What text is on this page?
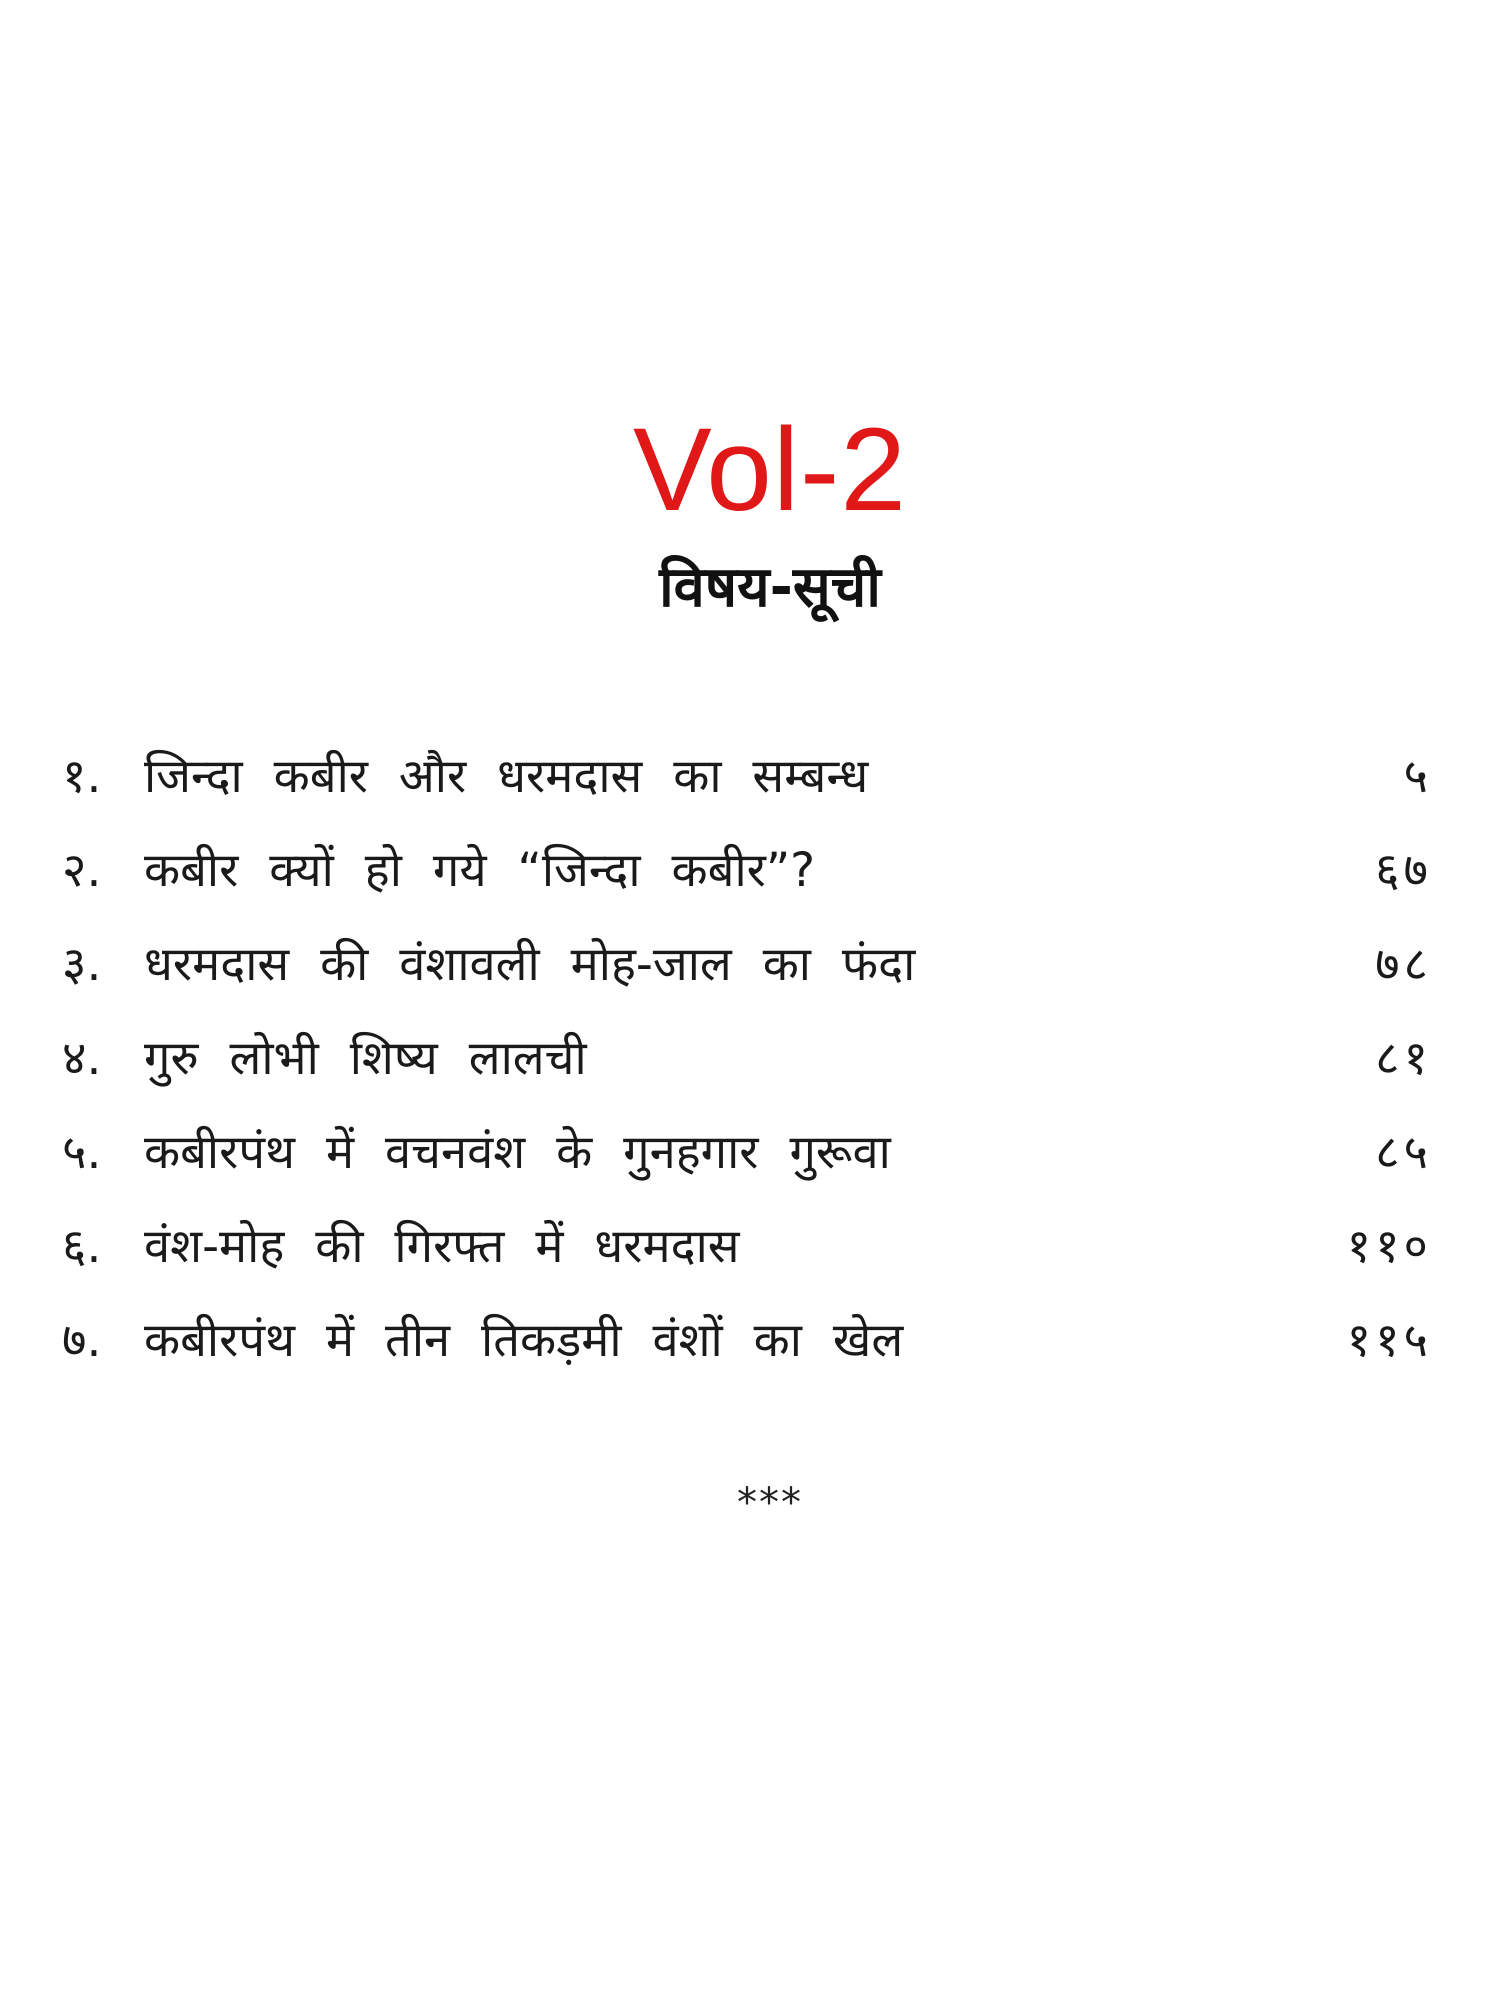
Vol-2
विषय-सूची
१. जिन्दा कबीर और धरमदास का सम्बन्ध	५
२. कबीर क्यों हो गये “जिन्दा कबीर”?	६७
३. धरमदास की वंशावली मोह-जाल का फंदा	७८
४. गुरु लोभी शिष्य लालची	८१
५. कबीरपंथ में वचनवंश के गुनहगार गुरूवा	८५
६. वंश-मोह की गिरफ्त में धरमदास	११०
७. कबीरपंथ में तीन तिकड़मी वंशों का खेल	११५
***
